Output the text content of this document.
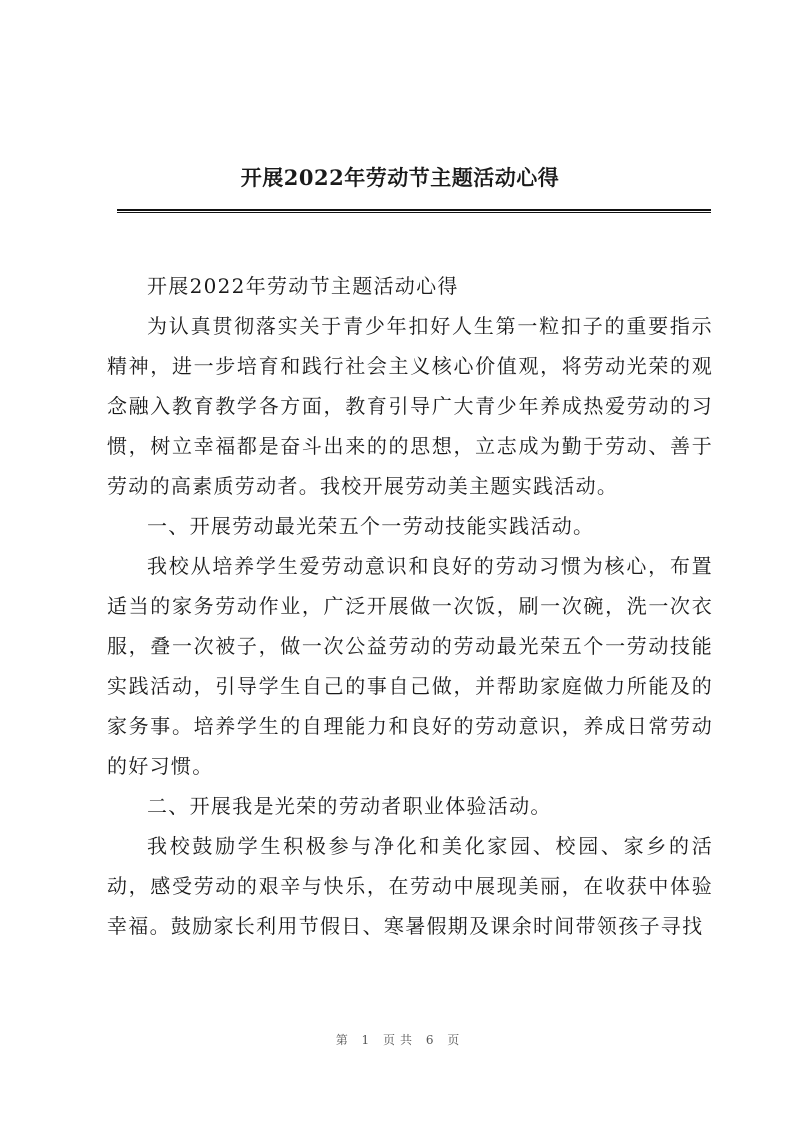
开展2022年劳动节主题活动心得

开展2022年劳动节主题活动心得

为认真贯彻落实关于青少年扣好人生第一粒扣子的重要指示精神，进一步培育和践行社会主义核心价值观，将劳动光荣的观念融入教育教学各方面，教育引导广大青少年养成热爱劳动的习惯，树立幸福都是奋斗出来的的思想，立志成为勤于劳动、善于劳动的高素质劳动者。我校开展劳动美主题实践活动。

一、开展劳动最光荣五个一劳动技能实践活动。

我校从培养学生爱劳动意识和良好的劳动习惯为核心，布置适当的家务劳动作业，广泛开展做一次饭，刷一次碗，洗一次衣服，叠一次被子，做一次公益劳动的劳动最光荣五个一劳动技能实践活动，引导学生自己的事自己做，并帮助家庭做力所能及的家务事。培养学生的自理能力和良好的劳动意识，养成日常劳动的好习惯。

二、开展我是光荣的劳动者职业体验活动。

我校鼓励学生积极参与净化和美化家园、校园、家乡的活动，感受劳动的艰辛与快乐，在劳动中展现美丽，在收获中体验幸福。鼓励家长利用节假日、寒暑假期及课余时间带领孩子寻找

第 1 页共 6 页
